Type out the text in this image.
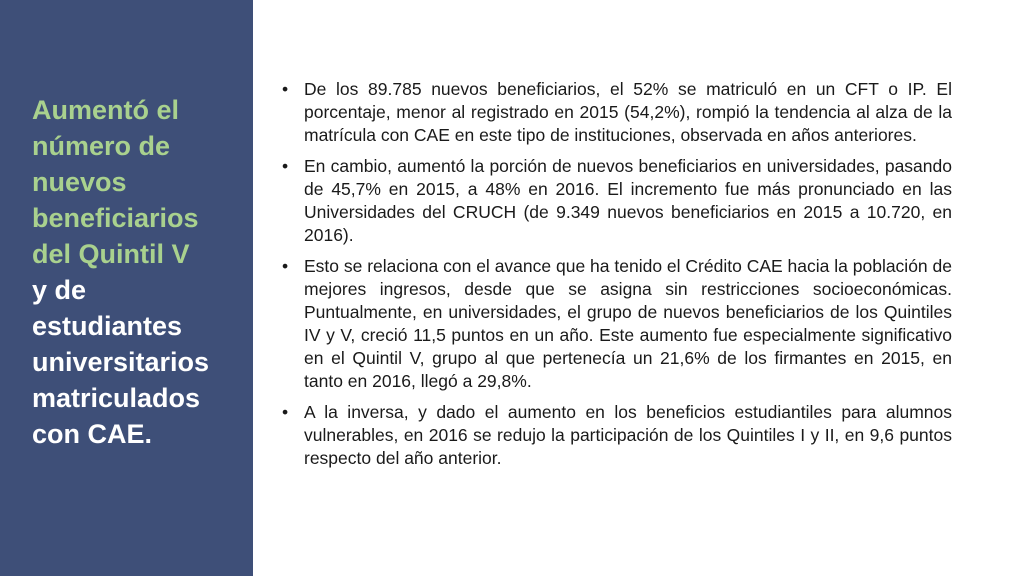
Aumentó el número de nuevos beneficiarios del Quintil V
y de estudiantes universitarios matriculados con CAE.
• De los 89.785 nuevos beneficiarios, el 52% se matriculó en un CFT o IP. El porcentaje, menor al registrado en 2015 (54,2%), rompió la tendencia al alza de la matrícula con CAE en este tipo de instituciones, observada en años anteriores.
• En cambio, aumentó la porción de nuevos beneficiarios en universidades, pasando de 45,7% en 2015, a 48% en 2016. El incremento fue más pronunciado en las Universidades del CRUCH (de 9.349 nuevos beneficiarios en 2015 a 10.720, en 2016).
• Esto se relaciona con el avance que ha tenido el Crédito CAE hacia la población de mejores ingresos, desde que se asigna sin restricciones socioeconómicas. Puntualmente, en universidades, el grupo de nuevos beneficiarios de los Quintiles IV y V, creció 11,5 puntos en un año. Este aumento fue especialmente significativo en el Quintil V, grupo al que pertenecía un 21,6% de los firmantes en 2015, en tanto en 2016, llegó a 29,8%.
• A la inversa, y dado el aumento en los beneficios estudiantiles para alumnos vulnerables, en 2016 se redujo la participación de los Quintiles I y II, en 9,6 puntos respecto del año anterior.
